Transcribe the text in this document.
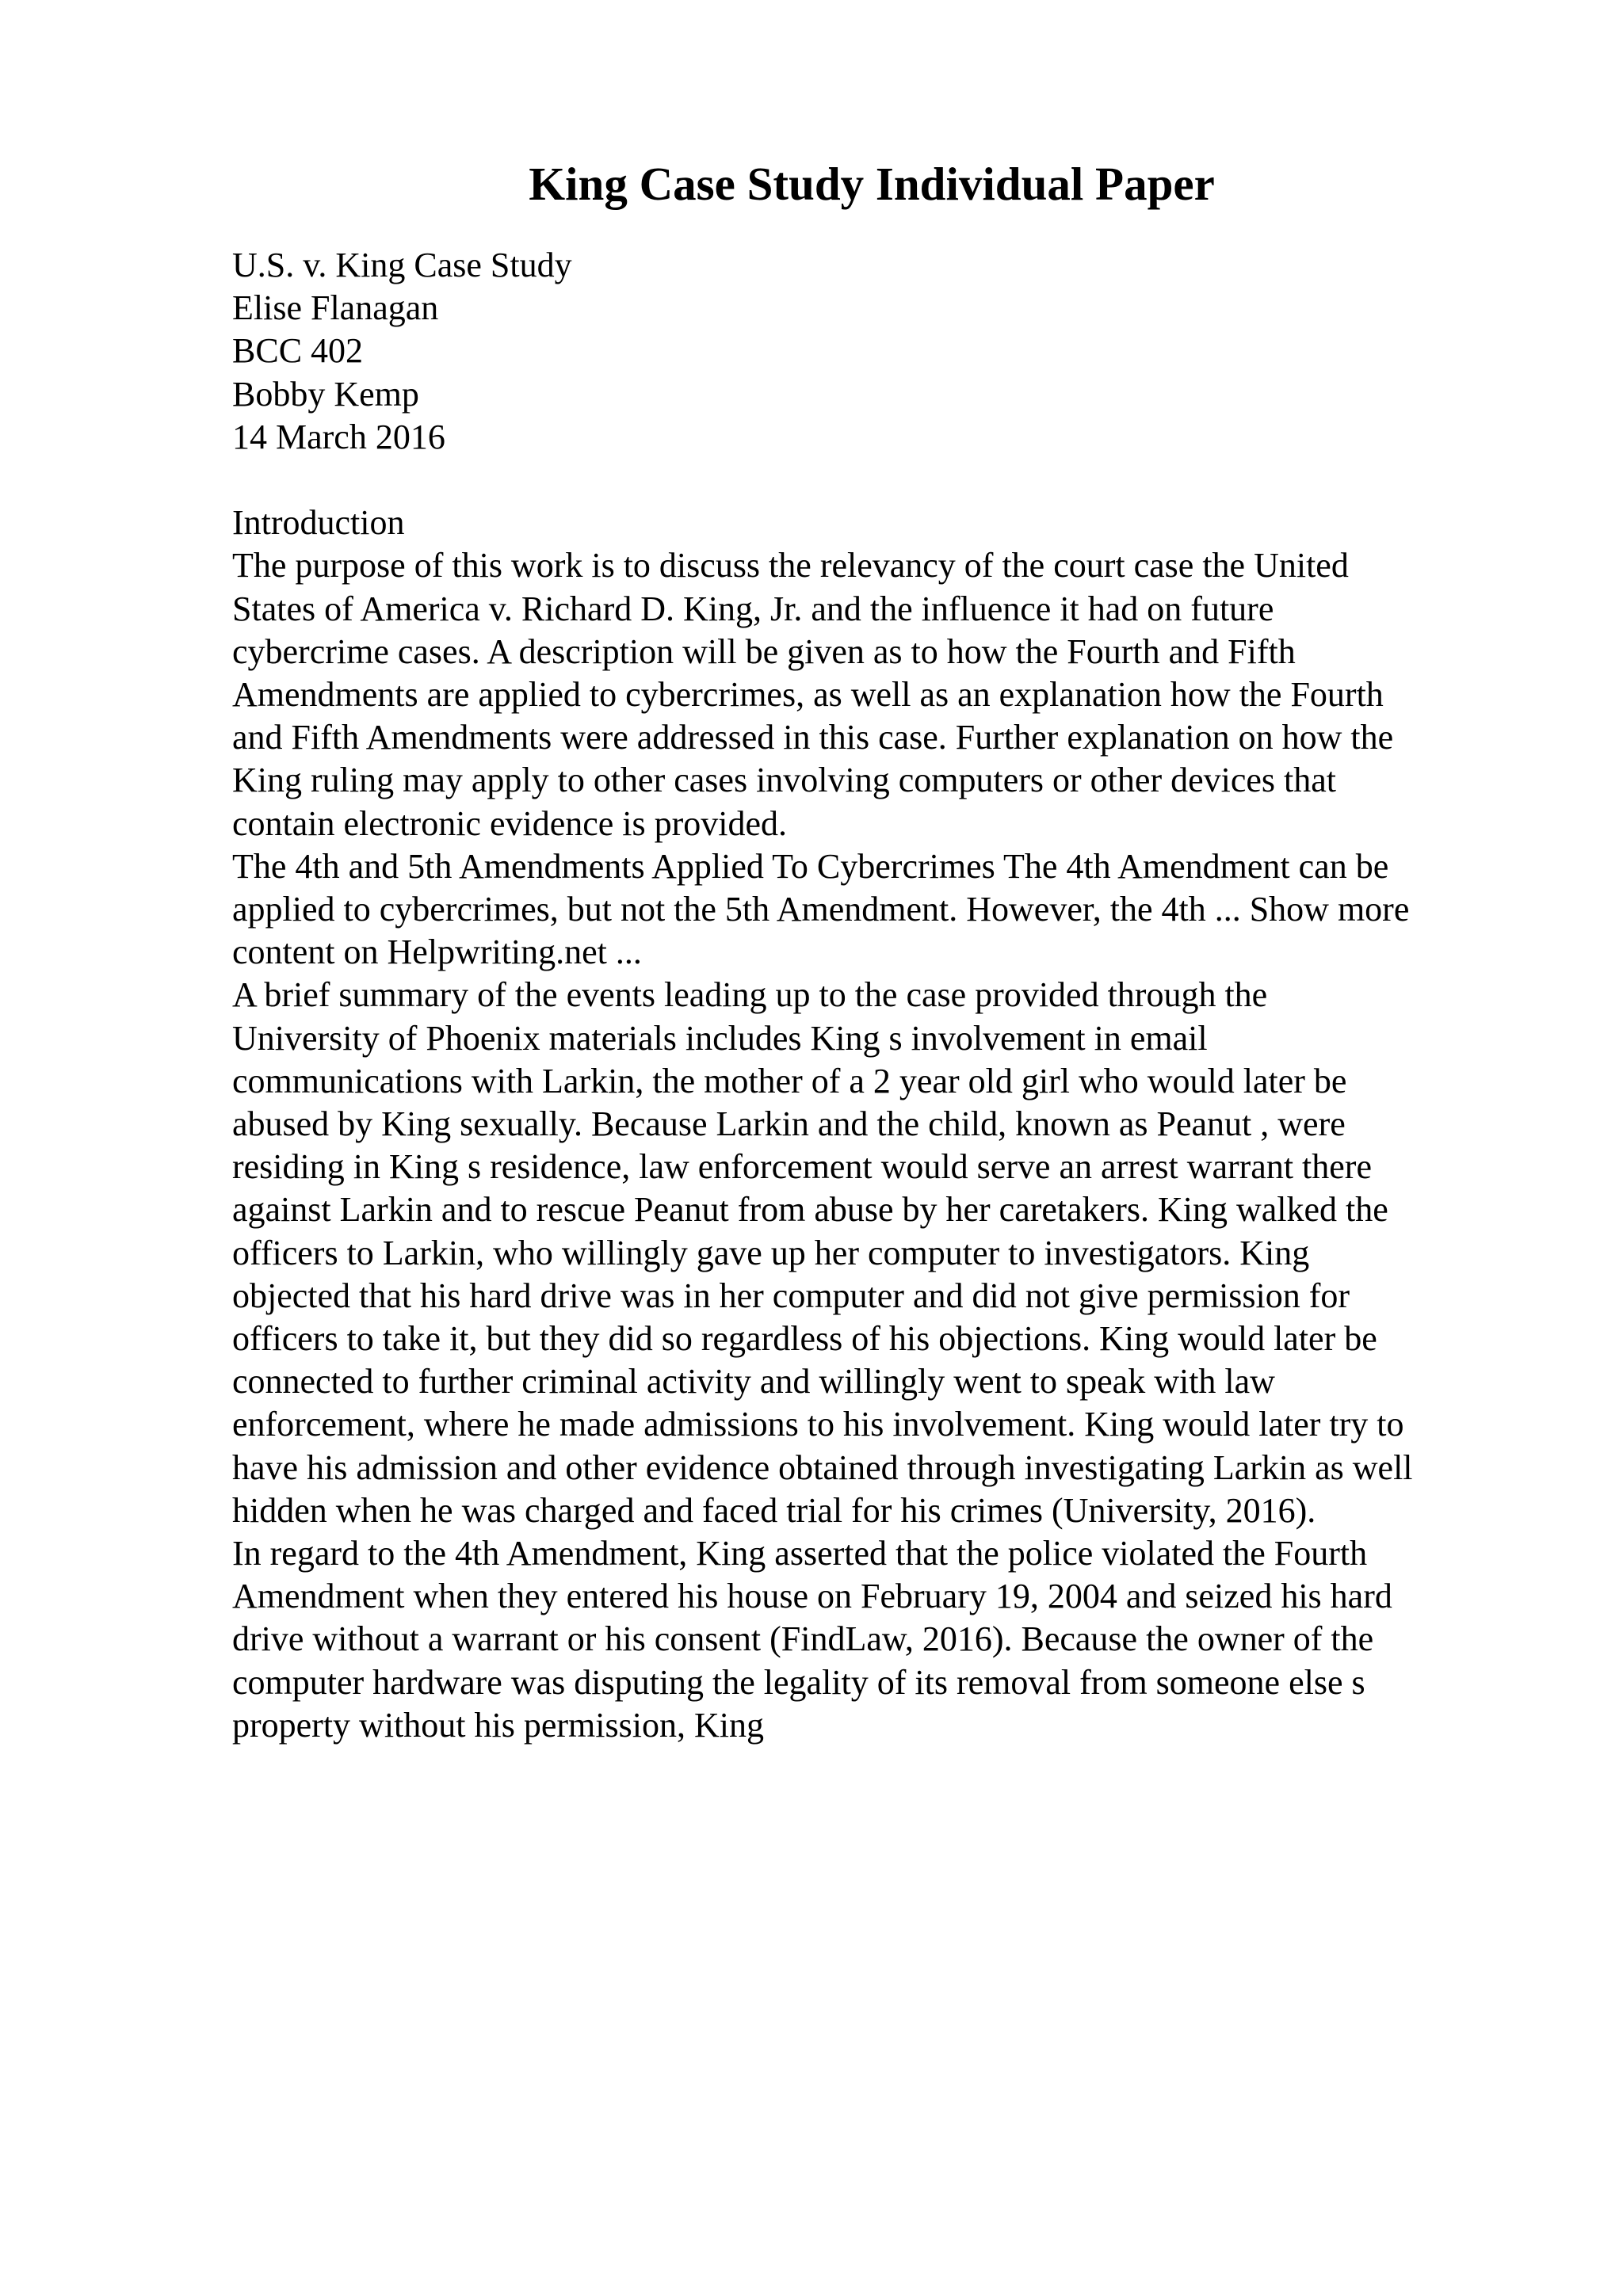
King Case Study Individual Paper
U.S. v. King Case Study
Elise Flanagan
BCC 402
Bobby Kemp
14 March 2016
Introduction
The purpose of this work is to discuss the relevancy of the court case the United
States of America v. Richard D. King, Jr. and the influence it had on future
cybercrime cases. A description will be given as to how the Fourth and Fifth
Amendments are applied to cybercrimes, as well as an explanation how the Fourth
and Fifth Amendments were addressed in this case. Further explanation on how the
King ruling may apply to other cases involving computers or other devices that
contain electronic evidence is provided.
The 4th and 5th Amendments Applied To Cybercrimes The 4th Amendment can be
applied to cybercrimes, but not the 5th Amendment. However, the 4th ... Show more
content on Helpwriting.net ...
A brief summary of the events leading up to the case provided through the
University of Phoenix materials includes King s involvement in email
communications with Larkin, the mother of a 2 year old girl who would later be
abused by King sexually. Because Larkin and the child, known as Peanut , were
residing in King s residence, law enforcement would serve an arrest warrant there
against Larkin and to rescue Peanut from abuse by her caretakers. King walked the
officers to Larkin, who willingly gave up her computer to investigators. King
objected that his hard drive was in her computer and did not give permission for
officers to take it, but they did so regardless of his objections. King would later be
connected to further criminal activity and willingly went to speak with law
enforcement, where he made admissions to his involvement. King would later try to
have his admission and other evidence obtained through investigating Larkin as well
hidden when he was charged and faced trial for his crimes (University, 2016).
In regard to the 4th Amendment, King asserted that the police violated the Fourth
Amendment when they entered his house on February 19, 2004 and seized his hard
drive without a warrant or his consent (FindLaw, 2016). Because the owner of the
computer hardware was disputing the legality of its removal from someone else s
property without his permission, King
